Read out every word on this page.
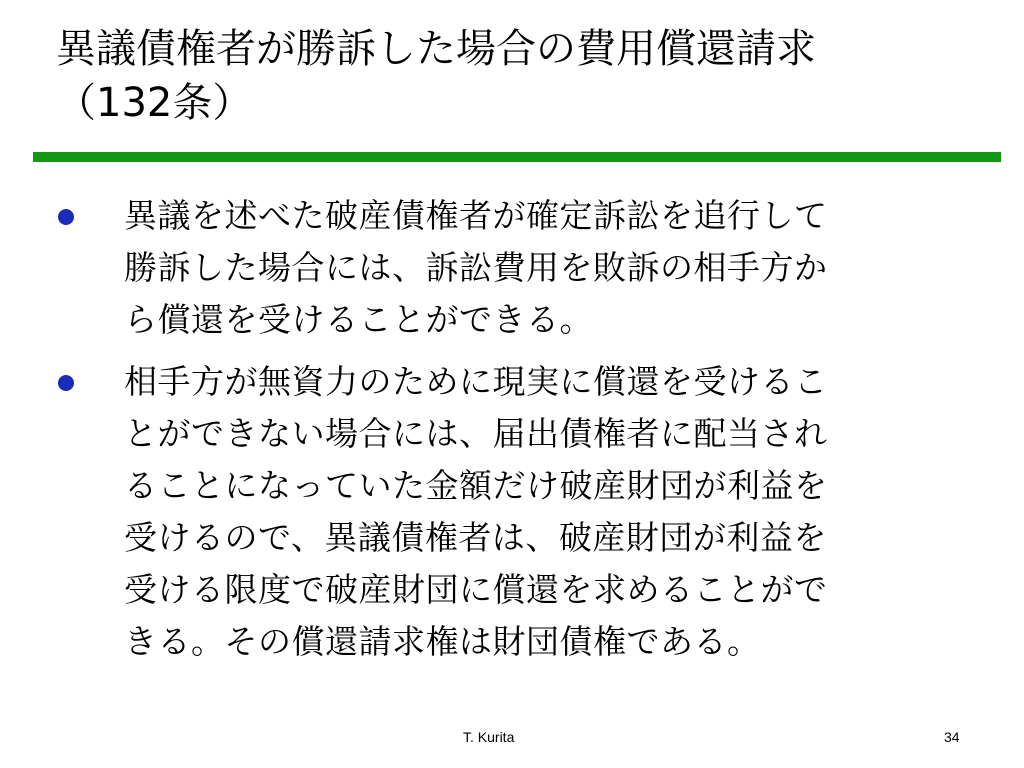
異議債権者が勝訴した場合の費用償還請求
（132条）
異議を述べた破産債権者が確定訴訟を追行して
勝訴した場合には、訴訟費用を敗訴の相手方か
ら償還を受けることができる。
相手方が無資力のために現実に償還を受けるこ
とができない場合には、届出債権者に配当され
ることになっていた金額だけ破産財団が利益を
受けるので、異議債権者は、破産財団が利益を
受ける限度で破産財団に償還を求めることがで
きる。その償還請求権は財団債権である。
T. Kurita	34
